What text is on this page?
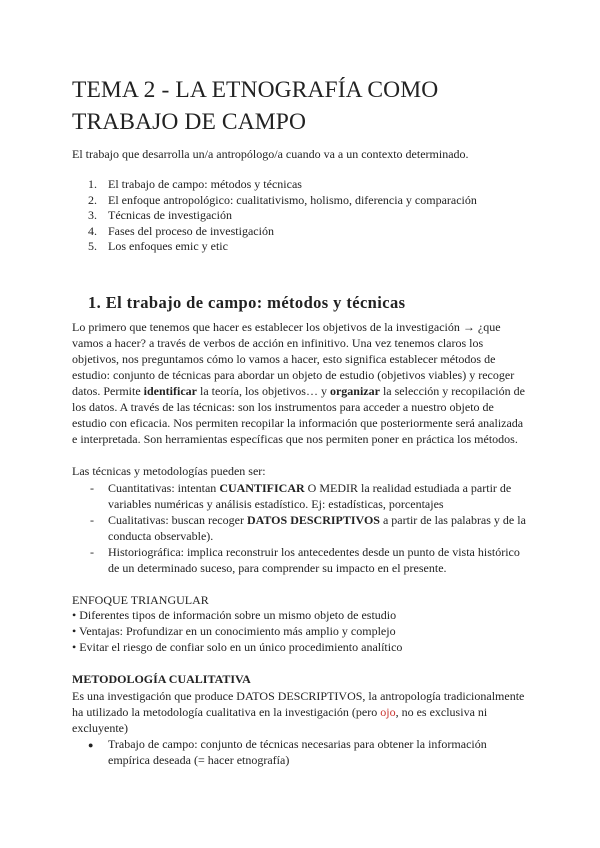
TEMA 2 - LA ETNOGRAFÍA COMO TRABAJO DE CAMPO
El trabajo que desarrolla un/a antropólogo/a cuando va a un contexto determinado.
1. El trabajo de campo: métodos y técnicas
2. El enfoque antropológico: cualitativismo, holismo, diferencia y comparación
3. Técnicas de investigación
4. Fases del proceso de investigación
5. Los enfoques emic y etic
1. El trabajo de campo: métodos y técnicas

Lo primero que tenemos que hacer es establecer los objetivos de la investigación → ¿que vamos a hacer? a través de verbos de acción en infinitivo. Una vez tenemos claros los objetivos, nos preguntamos cómo lo vamos a hacer, esto significa establecer métodos de estudio: conjunto de técnicas para abordar un objeto de estudio (objetivos viables) y recoger datos. Permite identificar la teoría, los objetivos… y organizar la selección y recopilación de los datos. A través de las técnicas: son los instrumentos para acceder a nuestro objeto de estudio con eficacia. Nos permiten recopilar la información que posteriormente será analizada e interpretada. Son herramientas específicas que nos permiten poner en práctica los métodos.

Las técnicas y metodologías pueden ser:

-	Cuantitativas: intentan CUANTIFICAR O MEDIR la realidad estudiada a partir de variables numéricas y análisis estadístico. Ej: estadísticas, porcentajes
-	Cualitativas: buscan recoger DATOS DESCRIPTIVOS a partir de las palabras y de la conducta observable).
-	Historiográfica: implica reconstruir los antecedentes desde un punto de vista histórico de un determinado suceso, para comprender su impacto en el presente.

ENFOQUE TRIANGULAR

• Diferentes tipos de información sobre un mismo objeto de estudio
• Ventajas: Profundizar en un conocimiento más amplio y complejo
• Evitar el riesgo de confiar solo en un único procedimiento analítico
METODOLOGÍA CUALITATIVA

Es una investigación que produce DATOS DESCRIPTIVOS, la antropología tradicionalmente ha utilizado la metodología cualitativa en la investigación (pero ojo, no es exclusiva ni excluyente)

●	Trabajo de campo: conjunto de técnicas necesarias para obtener la información empírica deseada (= hacer etnografía)
